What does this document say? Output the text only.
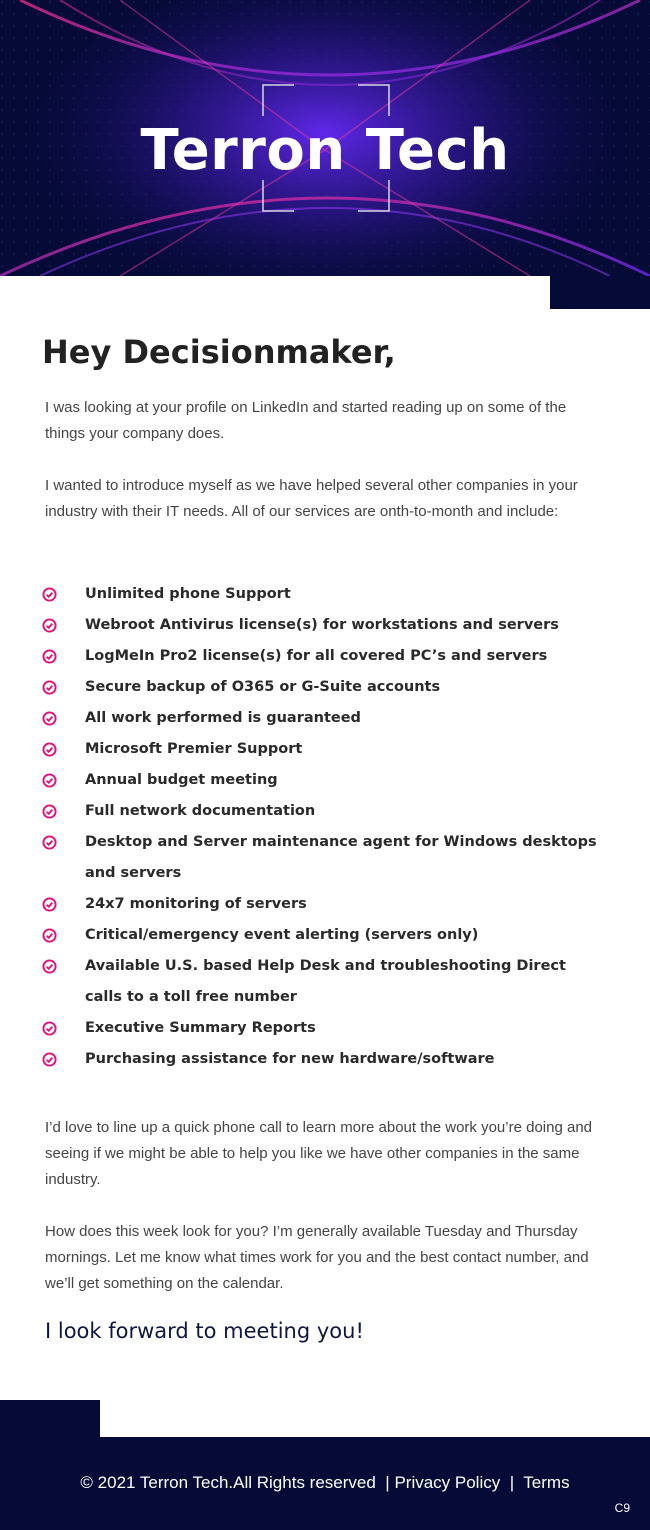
Terron Tech
Hey Decisionmaker,

I was looking at your profile on LinkedIn and started reading up on some of the things your company does.

I wanted to introduce myself as we have helped several other companies in your industry with their IT needs. All of our services are onth-to-month and include:

Unlimited phone Support
Webroot Antivirus license(s) for workstations and servers
LogMeIn Pro2 license(s) for all covered PC’s and servers
Secure backup of O365 or G-Suite accounts
All work performed is guaranteed
Microsoft Premier Support
Annual budget meeting
Full network documentation
Desktop and Server maintenance agent for Windows desktops and servers
24x7 monitoring of servers
Critical/emergency event alerting (servers only)
Available U.S. based Help Desk and troubleshooting Direct calls to a toll free number
Executive Summary Reports
Purchasing assistance for new hardware/software

I’d love to line up a quick phone call to learn more about the work you’re doing and seeing if we might be able to help you like we have other companies in the same industry.

How does this week look for you? I’m generally available Tuesday and Thursday mornings. Let me know what times work for you and the best contact number, and we’ll get something on the calendar.

I look forward to meeting you!
© 2021 Terron Tech.All Rights reserved | Privacy Policy | Terms
C9
